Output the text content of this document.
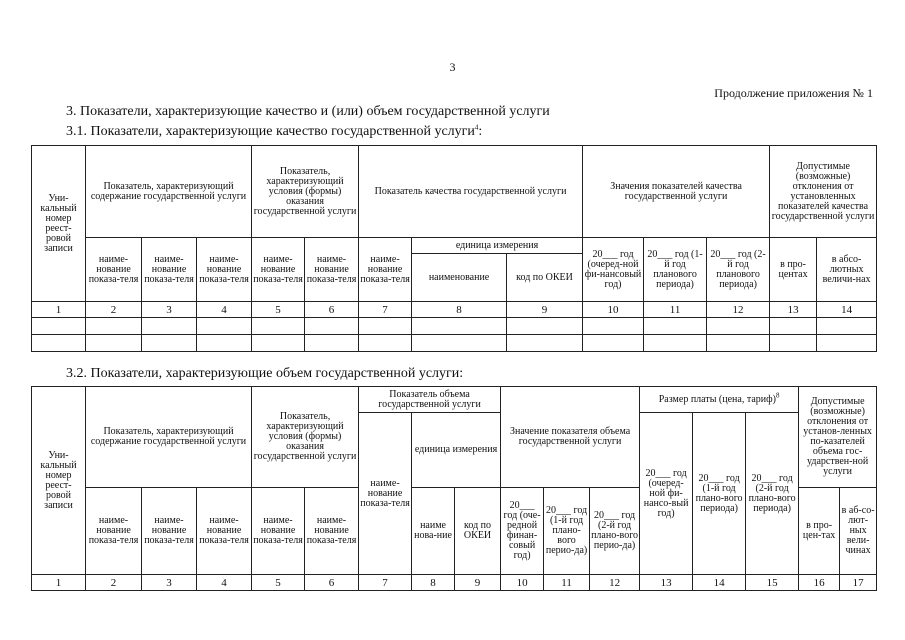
3
Продолжение приложения № 1
3. Показатели, характеризующие качество и (или) объем государственной услуги
3.1. Показатели, характеризующие качество государственной услуги$^4$:
Уни-кальный номер реест-ровой записи	Показатель, характеризующий содержание государственной услуги			Показатель, характеризующий условия (формы) оказания государственной услуги		Показатель качества государственной услуги			Значения показателей качества государственной услуги			Допустимые (возможные) отклонения от установленных показателей качества государственной услуги	
	наиме-нование показа-теля	наиме-нование показа-теля	наиме-нование показа-теля	наиме-нование показа-теля	наиме-нование показа-теля	наиме-нование показа-теля	единица измерения		20___ год (очеред-ной фи-нансовый год)	20___ год (1-й год планового периода)	20___ год (2-й год планового периода)	в про-центах	в абсо-лютных величи-нах
							наименование	код по ОКЕИ					
1	2	3	4	5	6	7	8	9	10	11	12	13	14

3.2. Показатели, характеризующие объем государственной услуги:
Уни-кальный номер реест-ровой записи	Показатель, характеризующий содержание государственной услуги			Показатель, характеризующий условия (формы) оказания государственной услуги		Показатель объема государственной услуги			Значение показателя объема государственной услуги			Размер платы (цена, тариф)$^8$			Допустимые (возможные) отклонения от установ-ленных по-казателей объема гос-ударствен-ной услуги	
						наиме-нование показа-теля	единица измерения					20___ год (очеред-ной фи-нансо-вый год)	20___ год (1-й год плано-вого периода)	20___ год (2-й год плано-вого периода)		
	наиме-нование показа-теля	наиме-нование показа-теля	наиме-нование показа-теля	наиме-нование показа-теля	наиме-нование показа-теля		наиме нова-ние	код по ОКЕИ	20___ год (оче-редной финан-совый год)	20___ год (1-й год плано-вого перио-да)	20___ год (2-й год плано-вого перио-да)				в про-цен-тах	в аб-со-лют-ных вели-чинах
1	2	3	4	5	6	7	8	9	10	11	12	13	14	15	16	17
